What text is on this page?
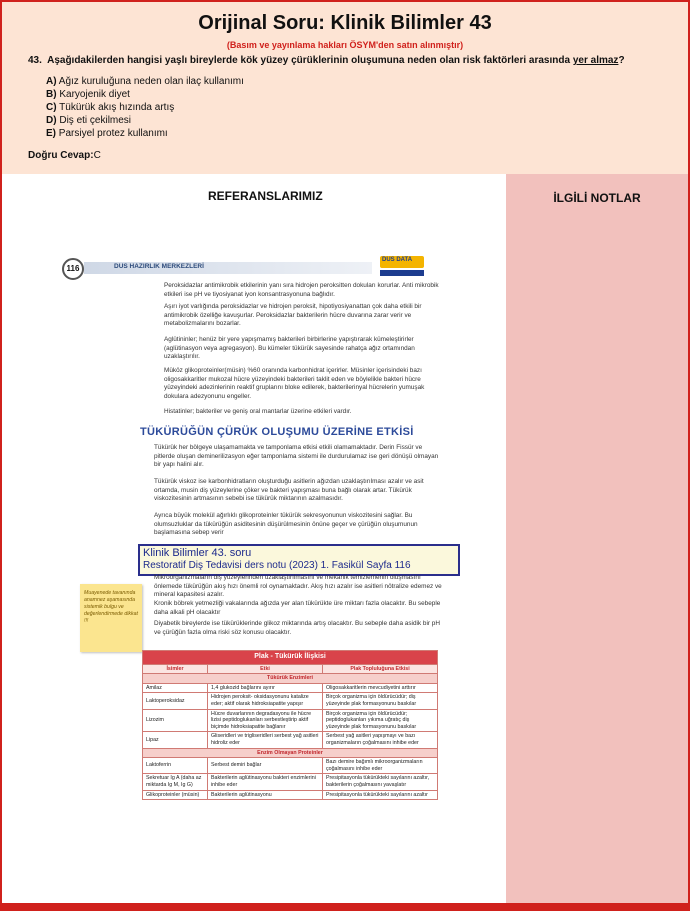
Orijinal Soru: Klinik Bilimler 43
(Basım ve yayınlama hakları ÖSYM'den satın alınmıştır)
43. Aşağıdakilerden hangisi yaşlı bireylerde kök yüzey çürüklerinin oluşumuna neden olan risk faktörleri arasında yer almaz?
A) Ağız kuruluğuna neden olan ilaç kullanımı
B) Karyojenik diyet
C) Tükürük akış hızında artış
D) Diş eti çekilmesi
E) Parsiyel protez kullanımı
Doğru Cevap:C
REFERANSLARIMIZ	İLGİLİ NOTLAR
116	DUS HAZIRLIK MERKEZLERİ
DUS DATA
Peroksidazlar antimikrobik etkilerinin yanı sıra hidrojen peroksitten dokuları korurlar. Anti mikrobik etkileri ise pH ve tiyosiyanat iyon konsantrasyonuna bağlıdır.
Aşırı iyot varlığında peroksidazlar ve hidrojen peroksit, hipotiyosiyanattan çok daha etkili bir antimikrobik özelliğe kavuşurlar. Peroksidazlar bakterilerin hücre duvarına zarar verir ve metabolizmalarını bozarlar.
Aglütininler; henüz bir yere yapışmamış bakterileri birbirlerine yapıştırarak kümeleştirirler (aglütinasyon veya agregasyon). Bu kümeler tükürük sayesinde rahatça ağız ortamından uzaklaştırılır.
Müköz glikoproteinler(müsin) %60 oranında karbonhidrat içerirler. Müsinler içerisindeki bazı oligosakkaritler mukozal hücre yüzeyindeki bakterileri taklit eden ve böylelikle bakteri hücre yüzeyindeki adezinlerinin reaktif gruplarını bloke edilerek, bakterilerinyal hücrelerin yumuşak dokulara adezyonunu engeller.
Histatinler; bakteriler ve geniş oral mantarlar üzerine etkileri vardır.
TÜKÜRÜĞÜN ÇÜRÜK OLUŞUMU ÜZERİNE ETKİSİ
Tükürük her bölgeye ulaşamamakta ve tamponlama etkisi etkili olamamaktadır. Derin Fissür ve pitlerde oluşan deminerilizasyon eğer tamponlama sistemi ile durdurulamaz ise geri dönüşü olmayan bir yapı halini alır.
Tükürük viskoz ise karbonhidratların oluşturduğu asitlerin ağızdan uzaklaştırılması azalır ve asit ortamda, musin diş yüzeylerine çöker ve bakteri yapışması buna bağlı olarak artar. Tükürük viskozitesinin artmasının sebebi ise tükürük miktarının azalmasıdır.
Ayrıca büyük molekül ağırlıklı glikoproteinler tükürük sekresyonunun viskozitesini sağlar. Bu olumsuzluklar da tükürüğün asiditesinin düşürülmesinin önüne geçer ve çürüğün oluşumunun başlamasına sebep verir
Klinik Bilimler 43. soru
Restoratif Diş Tedavisi ders notu (2023) 1. Fasikül Sayfa 116
Mikroorganizmaların diş yüzeylerinden uzaklaştırılmasını ve mekanik temizlemenin oluşmasını önlemede tükürüğün akış hızı önemli rol oynamaktadır. Akış hızı azalır ise asitleri nötralize edemez ve mineral kapasitesi azalır.
Kronik böbrek yetmezliği vakalarında ağızda yer alan tükürükte üre miktarı fazla olacaktır. Bu sebeple daha alkali pH olacaktır
Diyabetik bireylerde ise tükürüklerinde glikoz miktarında artış olacaktır. Bu sebeple daha asidik bir pH ve çürüğün fazla olma riski söz konusu olacaktır.
Muayenede tavanında anamnez aşamasında sistemik bulgu ve değerlendirmede dikkat !!!
Plak - Tükürük İlişkisi		
İsimler	Etki	Plak Topluluğuna Etkisi
Tükürük Enzimleri		
Amilaz	1,4 glukozid bağlarını ayırır	Oligosakkaritlerin mevcudiyetini arttırır
Laktoperoksidaz	Hidrojen peroksit- oksidasyonunu katalize eder; aktif olarak hidroksiapatite yapışır	Birçok organizma için öldürücüdür; diş yüzeyinde plak formasyonunu baskılar
Lizozim	Hücre duvarlarının degradasyonu ile hücre lizisi peptidoglukanları serbestleştirip aktif biçimde hidroksiapatite bağlanır	Birçok organizma için öldürücüdür; peptidoglukanları yıkıma uğratıç diş yüzeyinde plak formasyonunu baskılar
Lipaz	Gliseridleri ve trigliseridleri serbest yağ asitleri hidroliz eder	Serbest yağ asitleri yapışmayı ve bazı organizmaların çoğalmasını inhibe eder
Enzim Olmayan Proteinler		
Laktoferrin	Serbest demiri bağlar	Bazı demire bağımlı mikroorganizmaların çoğalmasını inhibe eder
Sekretuar Ig A (daha az miktarda Ig M, Ig G)	Bakterilerin aglütinasyonu bakteri enzimlerini inhibe eder	Presipitasyonla tükürükteki sayılarını azaltır, bakterilerin çoğalmasını yavaşlatır
Glikoproteinler (müsin)	Bakterilerin aglütinasyonu	Presipitasyonla tükürükteki sayılarını azaltır
